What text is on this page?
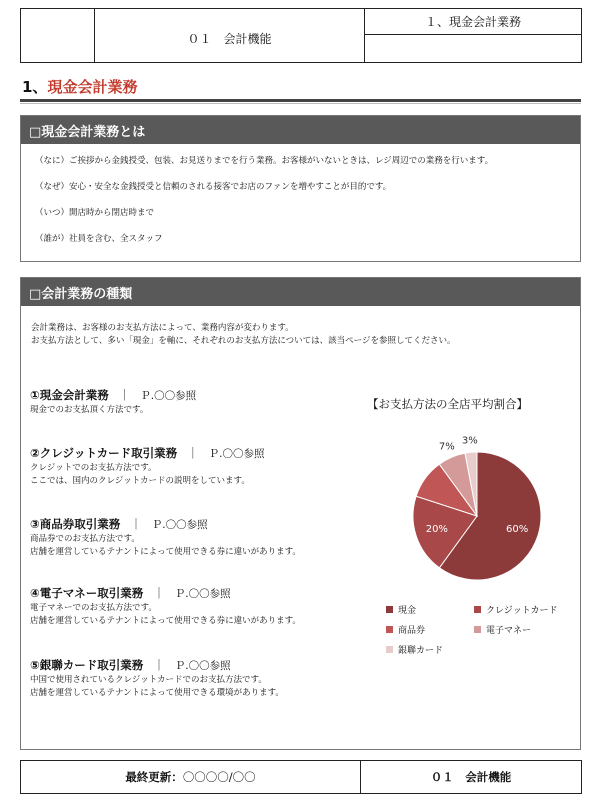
０１　会計機能
１、現金会計業務
1、現金会計業務
□現金会計業務とは
（なに）ご挨拶から金銭授受、包装、お見送りまでを行う業務。お客様がいないときは、レジ周辺での業務を行います。
（なぜ）安心・安全な金銭授受と信頼のされる接客でお店のファンを増やすことが目的です。
（いつ）開店時から閉店時まで
（誰が）社員を含む、全スタッフ
□会計業務の種類
会計業務は、お客様のお支払方法によって、業務内容が変わります。
お支払方法として、多い「現金」を軸に、それぞれのお支払方法については、該当ページを参照してください。
①現金会計業務 ｜ Ｐ.〇〇参照
現金でのお支払頂く方法です。
②クレジットカード取引業務 ｜ Ｐ.〇〇参照
クレジットでのお支払方法です。
ここでは、国内のクレジットカードの説明をしています。
③商品券取引業務 ｜ Ｐ.〇〇参照
商品券でのお支払方法です。
店舗を運営しているテナントによって使用できる券に違いがあります。
④電子マネー取引業務 ｜ Ｐ.〇〇参照
電子マネーでのお支払方法です。
店舗を運営しているテナントによって使用できる券に違いがあります。
⑤銀聯カード取引業務 ｜ Ｐ.〇〇参照
中国で使用されているクレジットカードでのお支払方法です。
店舗を運営しているテナントによって使用できる環境があります。
【お支払方法の全店平均割合】
60%
20%
7%
3%
現金	クレジットカード
商品券	電子マネー
銀聯カード
最終更新： 〇〇〇〇/〇〇	０１　会計機能
